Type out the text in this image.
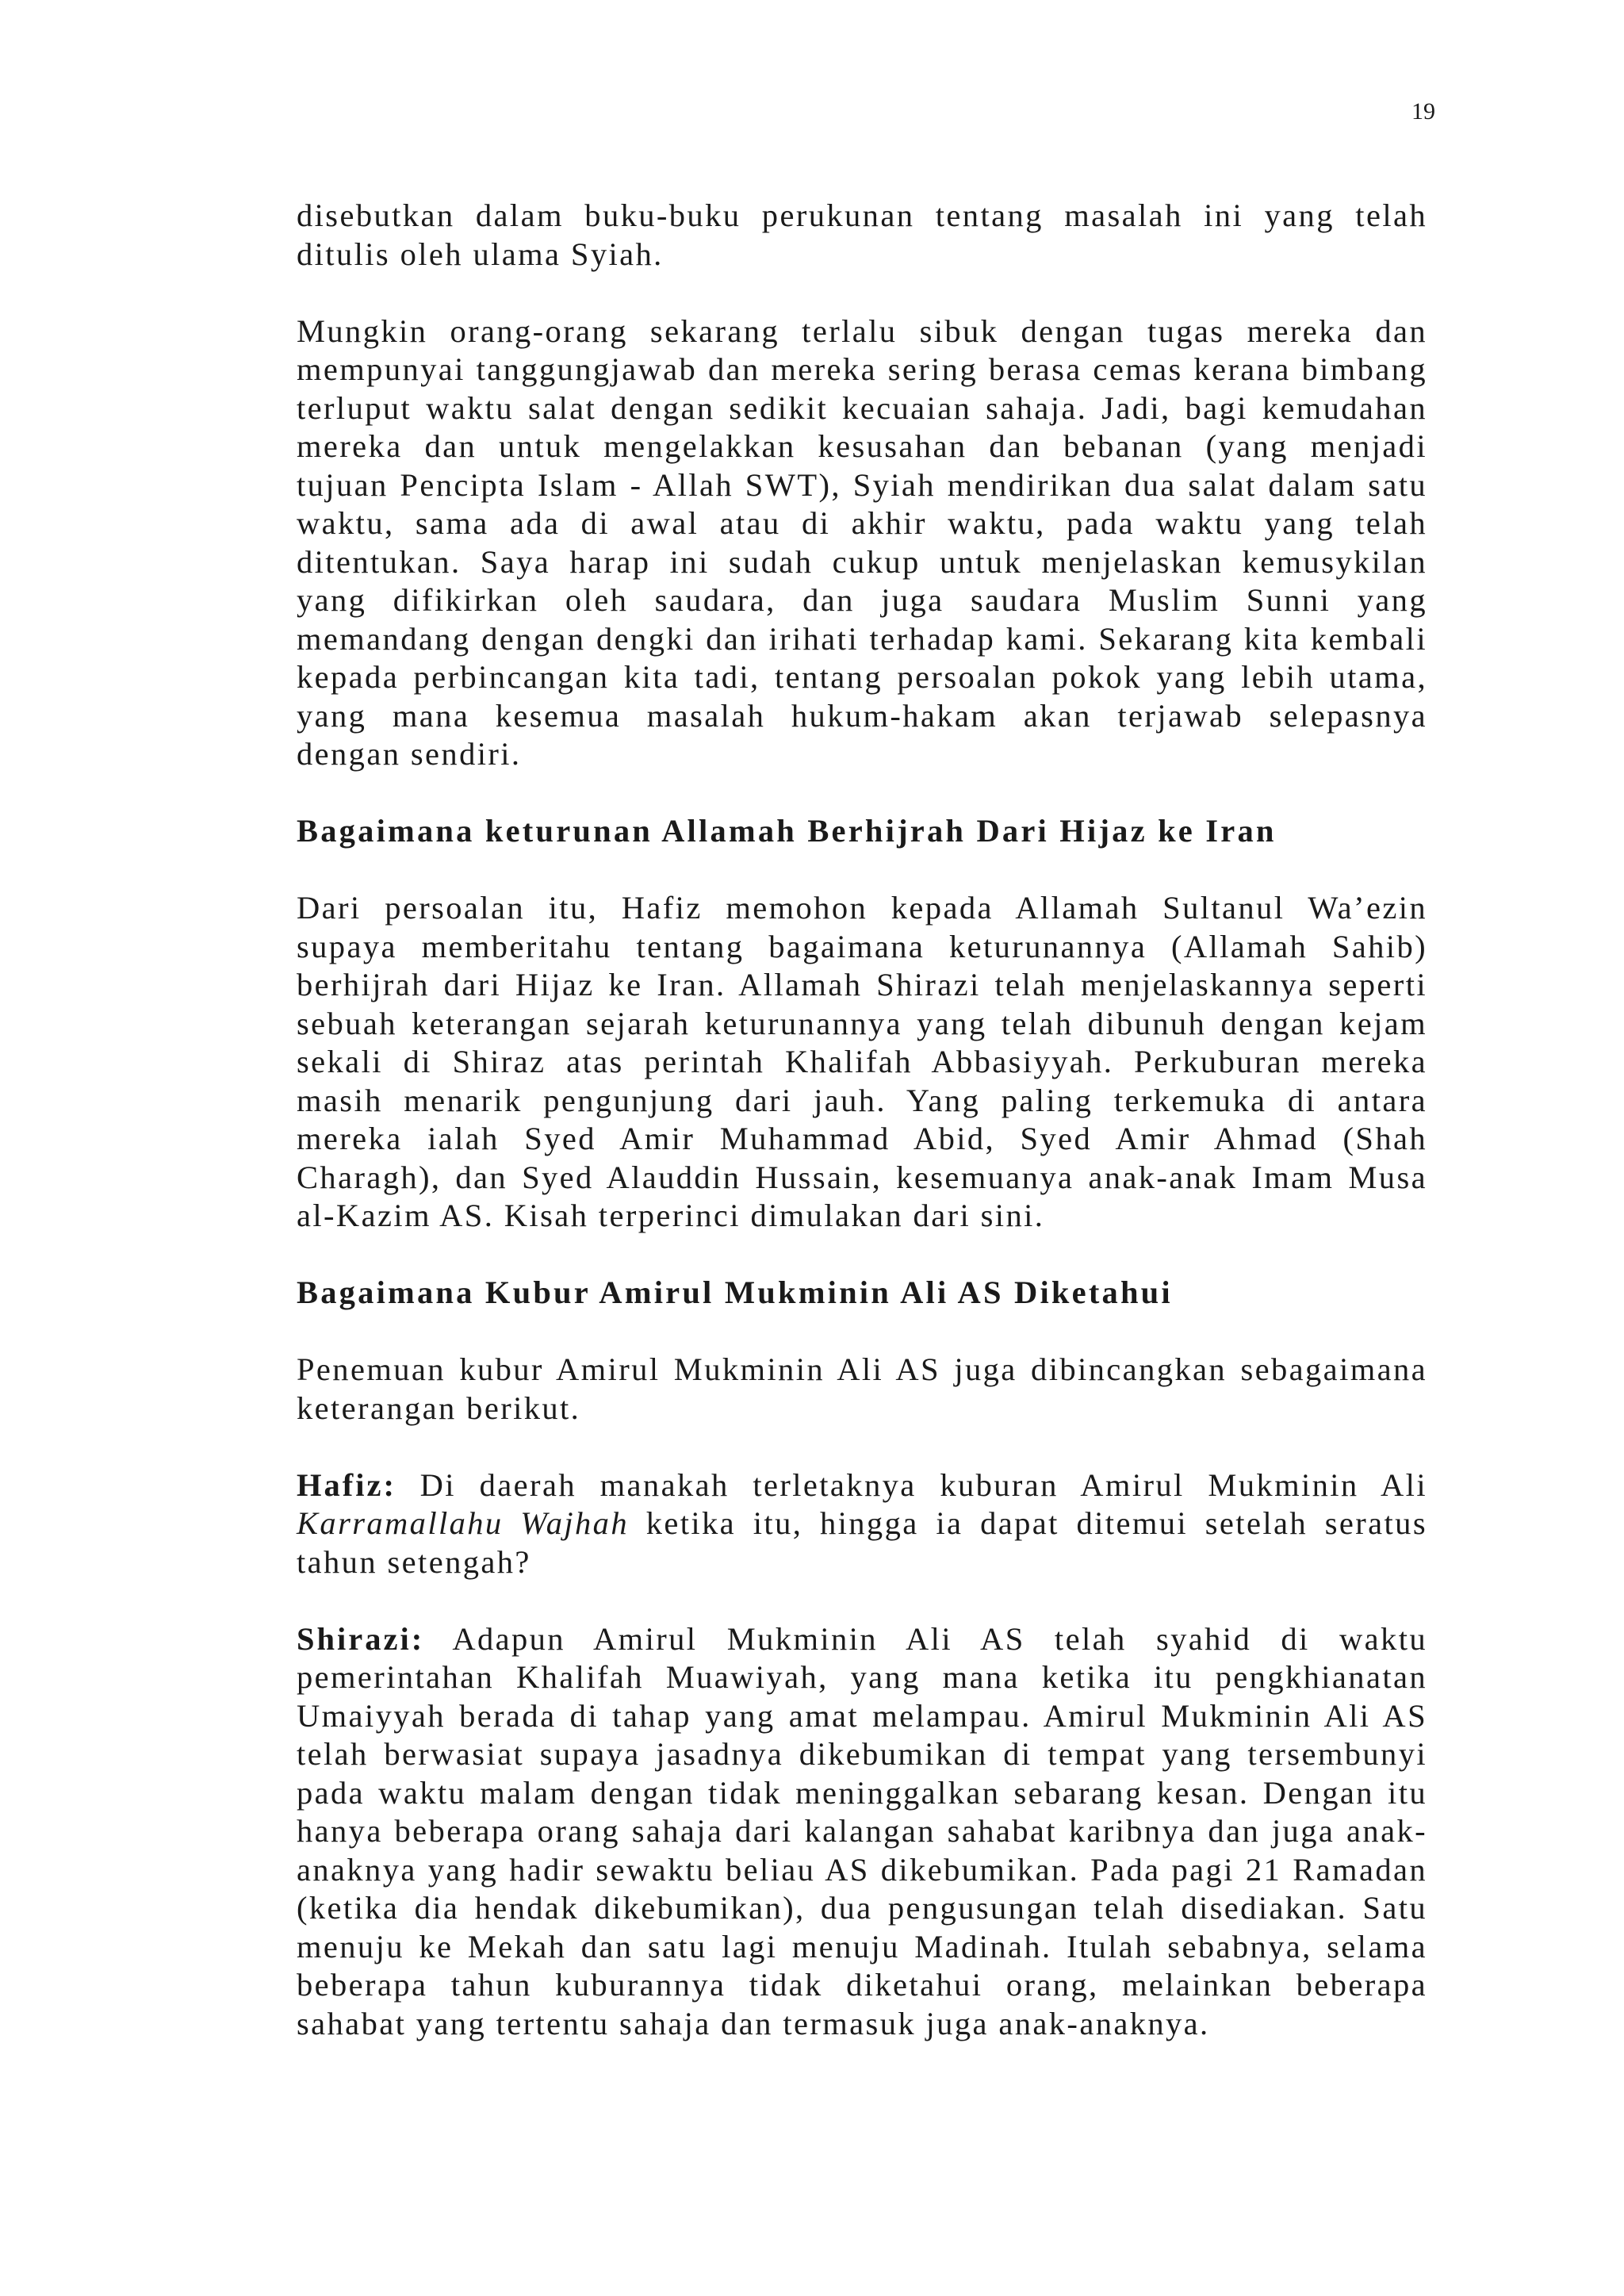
19

disebutkan dalam buku-buku perukunan tentang masalah ini yang telah ditulis oleh ulama Syiah.

Mungkin orang-orang sekarang terlalu sibuk dengan tugas mereka dan mempunyai tanggungjawab dan mereka sering berasa cemas kerana bimbang terluput waktu salat dengan sedikit kecuaian sahaja. Jadi, bagi kemudahan mereka dan untuk mengelakkan kesusahan dan bebanan (yang menjadi tujuan Pencipta Islam - Allah SWT), Syiah mendirikan dua salat dalam satu waktu, sama ada di awal atau di akhir waktu, pada waktu yang telah ditentukan. Saya harap ini sudah cukup untuk menjelaskan kemusykilan yang difikirkan oleh saudara, dan juga saudara Muslim Sunni yang memandang dengan dengki dan irihati terhadap kami. Sekarang kita kembali kepada perbincangan kita tadi, tentang persoalan pokok yang lebih utama, yang mana kesemua masalah hukum-hakam akan terjawab selepasnya dengan sendiri.

Bagaimana keturunan Allamah Berhijrah Dari Hijaz ke Iran

Dari persoalan itu, Hafiz memohon kepada Allamah Sultanul Wa’ezin supaya memberitahu tentang bagaimana keturunannya (Allamah Sahib) berhijrah dari Hijaz ke Iran. Allamah Shirazi telah menjelaskannya seperti sebuah keterangan sejarah keturunannya yang telah dibunuh dengan kejam sekali di Shiraz atas perintah Khalifah Abbasiyyah. Perkuburan mereka masih menarik pengunjung dari jauh. Yang paling terkemuka di antara mereka ialah Syed Amir Muhammad Abid, Syed Amir Ahmad (Shah Charagh), dan Syed Alauddin Hussain, kesemuanya anak-anak Imam Musa al-Kazim AS. Kisah terperinci dimulakan dari sini.

Bagaimana Kubur Amirul Mukminin Ali AS Diketahui

Penemuan kubur Amirul Mukminin Ali AS juga dibincangkan sebagaimana keterangan berikut.

Hafiz: Di daerah manakah terletaknya kuburan Amirul Mukminin Ali Karramallahu Wajhah ketika itu, hingga ia dapat ditemui setelah seratus tahun setengah?

Shirazi: Adapun Amirul Mukminin Ali AS telah syahid di waktu pemerintahan Khalifah Muawiyah, yang mana ketika itu pengkhianatan Umaiyyah berada di tahap yang amat melampau. Amirul Mukminin Ali AS telah berwasiat supaya jasadnya dikebumikan di tempat yang tersembunyi pada waktu malam dengan tidak meninggalkan sebarang kesan. Dengan itu hanya beberapa orang sahaja dari kalangan sahabat karibnya dan juga anak-anaknya yang hadir sewaktu beliau AS dikebumikan. Pada pagi 21 Ramadan (ketika dia hendak dikebumikan), dua pengusungan telah disediakan. Satu menuju ke Mekah dan satu lagi menuju Madinah. Itulah sebabnya, selama beberapa tahun kuburannya tidak diketahui orang, melainkan beberapa sahabat yang tertentu sahaja dan termasuk juga anak-anaknya.
